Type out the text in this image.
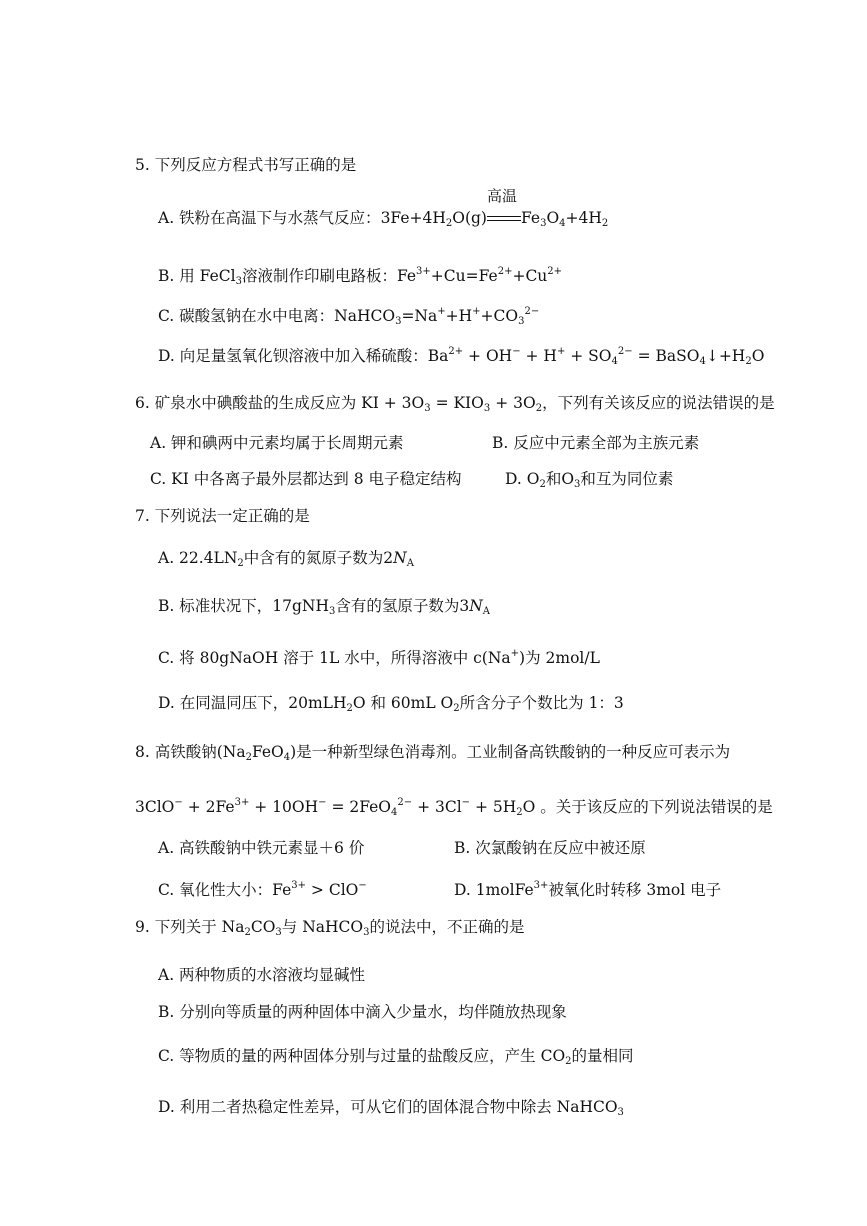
5. 下列反应方程式书写正确的是
A. 铁粉在高温下与水蒸气反应：$3Fe+4H_2O(g)$
高温
$Fe_3O_4+4H_2$
B. 用 FeCl$_3$溶液制作印刷电路板：$Fe^{3+}+Cu=Fe^{2+}+Cu^{2+}$
C. 碳酸氢钠在水中电离：$NaHCO_3=Na^++H^++CO_3^{2-}$
D. 向足量氢氧化钡溶液中加入稀硫酸：$Ba^{2+} + OH^- + H^+ + SO_4^{2-}$ = $BaSO_4↓+H_2O$
6. 矿泉水中碘酸盐的生成反应为 KI + $3O_3 = KIO_3 + 3O_2$，下列有关该反应的说法错误的是
A. 钾和碘两中元素均属于长周期元素	B. 反应中元素全部为主族元素
C. KI 中各离子最外层都达到 8 电子稳定结构	D. $O_2$和$O_3$和互为同位素
7. 下列说法一定正确的是
A. $22.4LN_2$中含有的氮原子数为$2N_A$
B. 标准状况下，17gNH$_3$含有的氢原子数为$3N_A$
C. 将 80gNaOH 溶于 1L 水中，所得溶液中 c(Na+)为 2mol/L
D. 在同温同压下，20mLH$_2$O 和 60mL $O_2$所含分子个数比为 1：3
8. 高铁酸钠$(Na_2FeO_4)$是一种新型绿色消毒剂。工业制备高铁酸钠的一种反应可表示为
$3ClO^- + 2Fe^{3+} + 10OH^- = 2FeO_4^{2-} + 3Cl^- + 5H_2O$ 。关于该反应的下列说法错误的是
A. 高铁酸钠中铁元素显＋6 价	B. 次氯酸钠在反应中被还原
C. 氧化性大小：$Fe^{3+} > ClO^-$	D. 1molFe$^{3+}$被氧化时转移 3mol 电子
9. 下列关于 $Na_2CO_3$与 NaHCO$_3$的说法中，不正确的是
A. 两种物质的水溶液均显碱性
B. 分别向等质量的两种固体中滴入少量水，均伴随放热现象
C. 等物质的量的两种固体分别与过量的盐酸反应，产生 $CO_2$的量相同
D. 利用二者热稳定性差异，可从它们的固体混合物中除去 NaHCO$_3$
